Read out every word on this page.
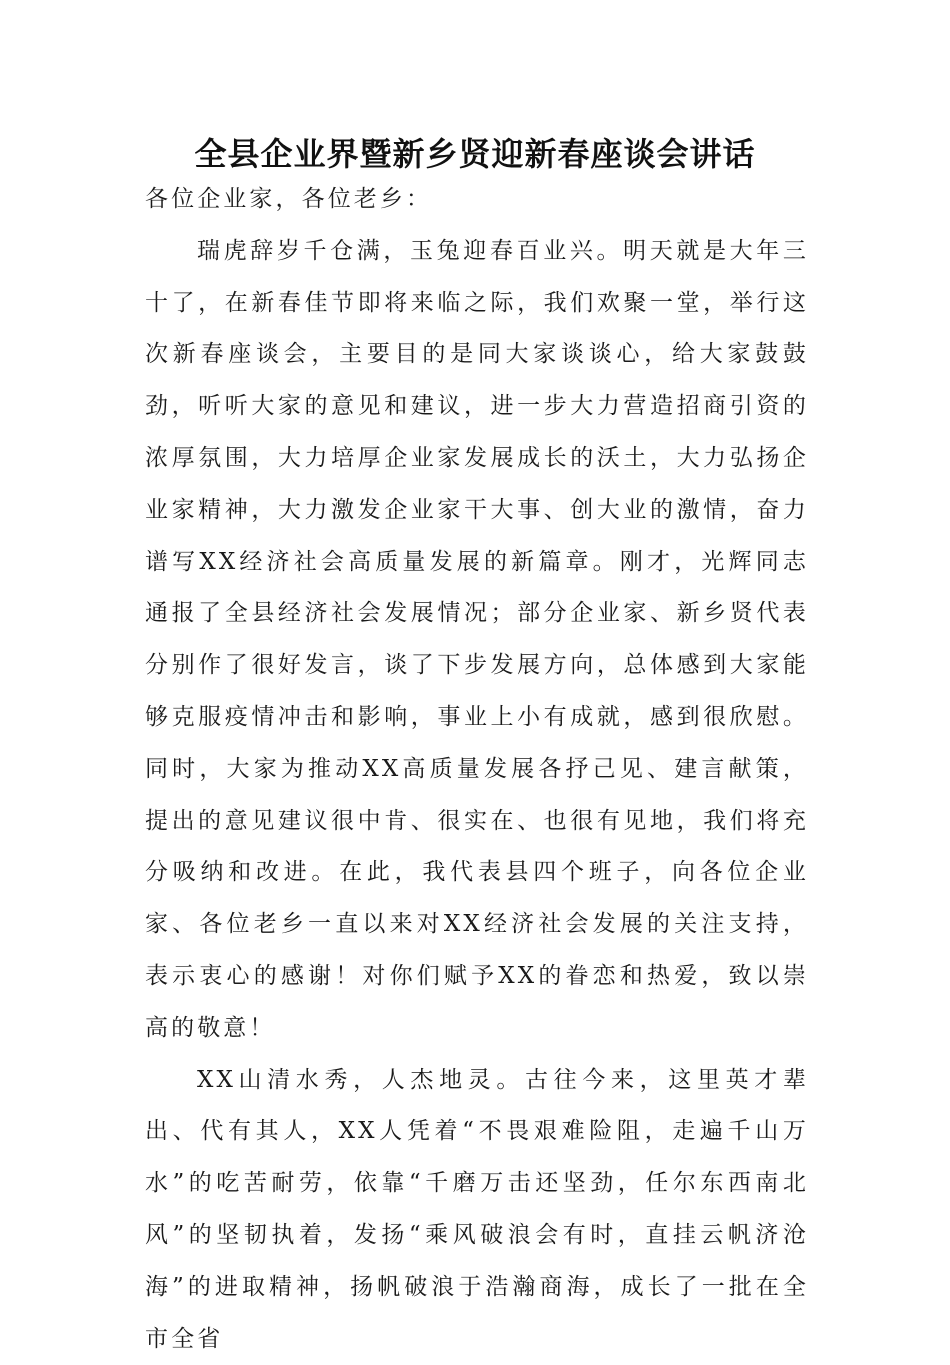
全县企业界暨新乡贤迎新春座谈会讲话

各位企业家，各位老乡：

瑞虎辞岁千仓满，玉兔迎春百业兴。明天就是大年三十了，在新春佳节即将来临之际，我们欢聚一堂，举行这次新春座谈会，主要目的是同大家谈谈心，给大家鼓鼓劲，听听大家的意见和建议，进一步大力营造招商引资的浓厚氛围，大力培厚企业家发展成长的沃土，大力弘扬企业家精神，大力激发企业家干大事、创大业的激情，奋力谱写XX经济社会高质量发展的新篇章。刚才，光辉同志通报了全县经济社会发展情况；部分企业家、新乡贤代表分别作了很好发言，谈了下步发展方向，总体感到大家能够克服疫情冲击和影响，事业上小有成就，感到很欣慰。同时，大家为推动XX高质量发展各抒己见、建言献策，提出的意见建议很中肯、很实在、也很有见地，我们将充分吸纳和改进。在此，我代表县四个班子，向各位企业家、各位老乡一直以来对XX经济社会发展的关注支持，表示衷心的感谢！对你们赋予XX的眷恋和热爱，致以崇高的敬意！

XX山清水秀，人杰地灵。古往今来，这里英才辈出、代有其人，XX人凭着“不畏艰难险阻，走遍千山万水”的吃苦耐劳，依靠“千磨万击还坚劲，任尔东西南北风”的坚韧执着，发扬“乘风破浪会有时，直挂云帆济沧海”的进取精神，扬帆破浪于浩瀚商海，成长了一批在全市全省
